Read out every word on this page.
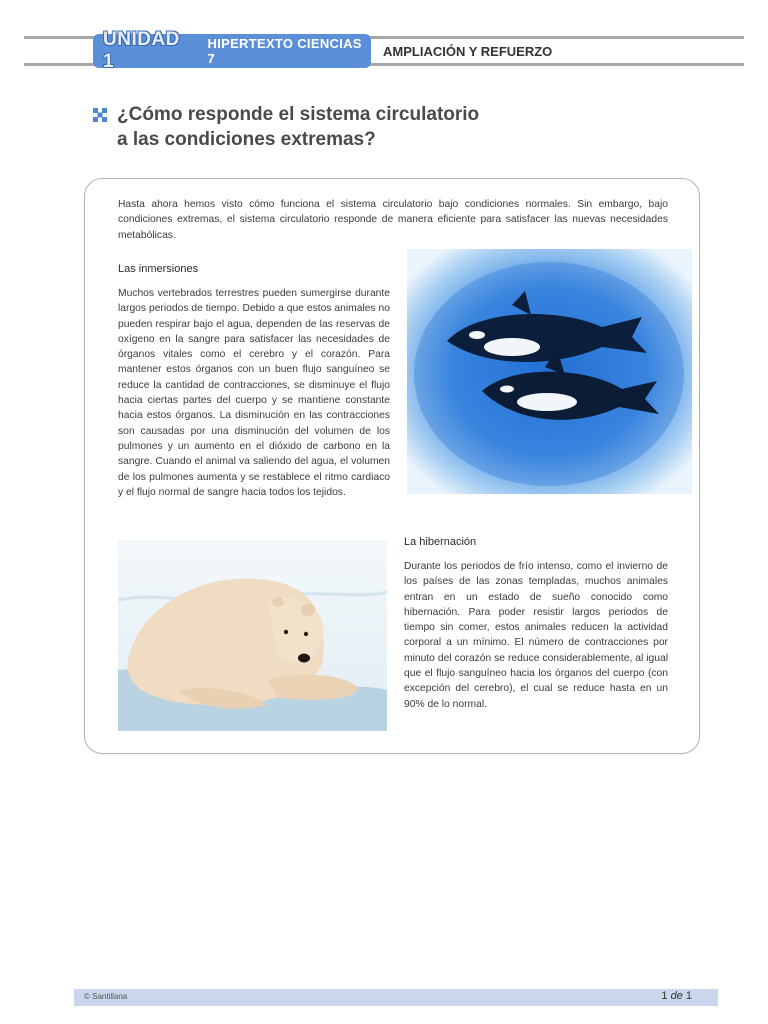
UNIDAD 1
HIPERTEXTO CIENCIAS 7	AMPLIACIÓN Y REFUERZO
¿Cómo responde el sistema circulatorio
a las condiciones extremas?

Hasta ahora hemos visto cómo funciona el sistema circulatorio bajo condiciones normales. Sin embargo, bajo condiciones extremas, el sistema circulatorio responde de manera eficiente para satisfacer las nuevas necesidades metabólicas.

Las inmersiones

Muchos vertebrados terrestres pueden sumergirse durante largos periodos de tiempo. Debido a que estos animales no pueden respirar bajo el agua, dependen de las reservas de oxígeno en la sangre para satisfacer las necesidades de órganos vitales como el cerebro y el corazón. Para mantener estos órganos con un buen flujo sanguíneo se reduce la cantidad de contracciones, se disminuye el flujo hacia ciertas partes del cuerpo y se mantiene constante hacia estos órganos. La disminución en las contracciones son causadas por una disminución del volumen de los pulmones y un aumento en el dióxido de carbono en la sangre. Cuando el animal va saliendo del agua, el volumen de los pulmones aumenta y se restablece el ritmo cardiaco y el flujo normal de sangre hacia todos los tejidos.

La hibernación

Durante los periodos de frío intenso, como el invierno de los países de las zonas templadas, muchos animales entran en un estado de sueño conocido como hibernación. Para poder resistir largos periodos de tiempo sin comer, estos animales reducen la actividad corporal a un mínimo. El número de contracciones por minuto del corazón se reduce considerablemente, al igual que el flujo sanguíneo hacia los órganos del cuerpo (con excepción del cerebro), el cual se reduce hasta en un 90% de lo normal.

© Santillana	1 de 1
